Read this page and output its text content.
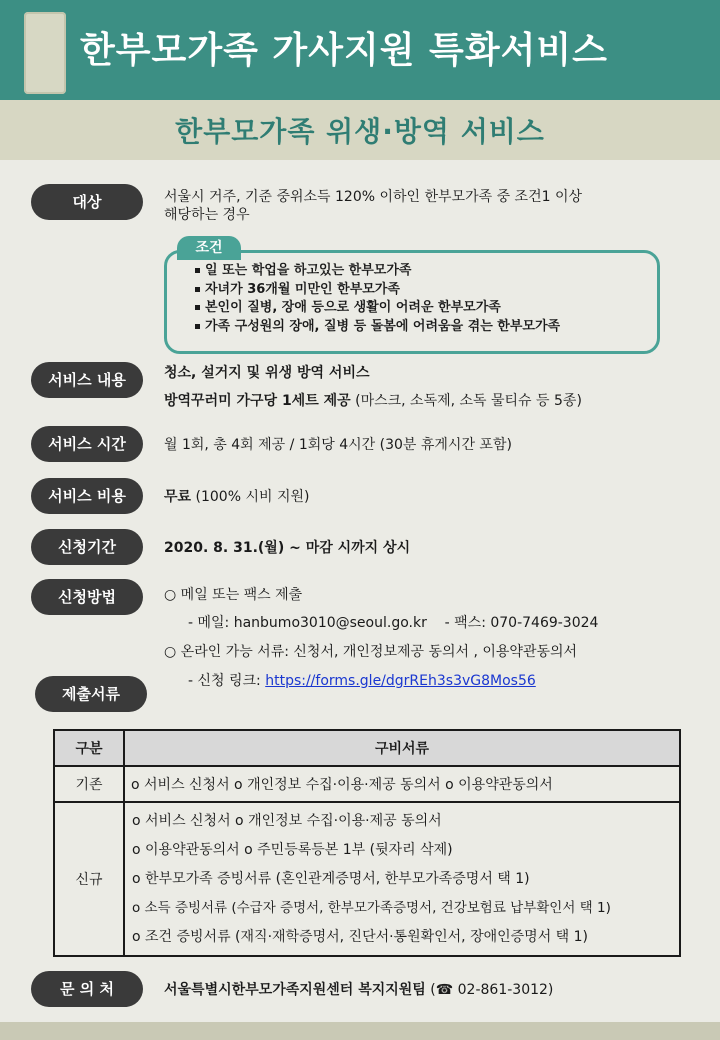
한부모가족 가사지원 특화서비스
한부모가족 위생·방역 서비스
대상	서울시 거주, 기준 중위소득 120% 이하인 한부모가족 중 조건1 이상
해당하는 경우
조건
일 또는 학업을 하고있는 한부모가족
자녀가 36개월 미만인 한부모가족
본인이 질병, 장애 등으로 생활이 어려운 한부모가족
가족 구성원의 장애, 질병 등 돌봄에 어려움을 겪는 한부모가족
서비스 내용	청소, 설거지 및 위생 방역 서비스
방역꾸러미 가구당 1세트 제공 (마스크, 소독제, 소독 물티슈 등 5종)
서비스 시간	월 1회, 총 4회 제공 / 1회당 4시간 (30분 휴게시간 포함)
서비스 비용	무료 (100% 시비 지원)
신청기간	2020. 8. 31.(월) ~ 마감 시까지 상시
신청방법	○ 메일 또는 팩스 제출
- 메일: hanbumo3010@seoul.go.kr    - 팩스: 070-7469-3024
○ 온라인 가능 서류: 신청서, 개인정보제공 동의서 , 이용약관동의서
- 신청 링크: https://forms.gle/dgrREh3s3vG8Mos56
제출서류
구분	구비서류
기존	o 서비스 신청서 o 개인정보 수집·이용·제공 동의서 o 이용약관동의서
신규	o 서비스 신청서 o 개인정보 수집·이용·제공 동의서
o 이용약관동의서 o 주민등록등본 1부 (뒷자리 삭제)
o 한부모가족 증빙서류 (혼인관계증명서, 한부모가족증명서 택 1)
o 소득 증빙서류 (수급자 증명서, 한부모가족증명서, 건강보험료 납부확인서 택 1)
o 조건 증빙서류 (재직·재학증명서, 진단서·통원확인서, 장애인증명서 택 1)
문 의 처	서울특별시한부모가족지원센터 복지지원팀 (☎ 02-861-3012)
